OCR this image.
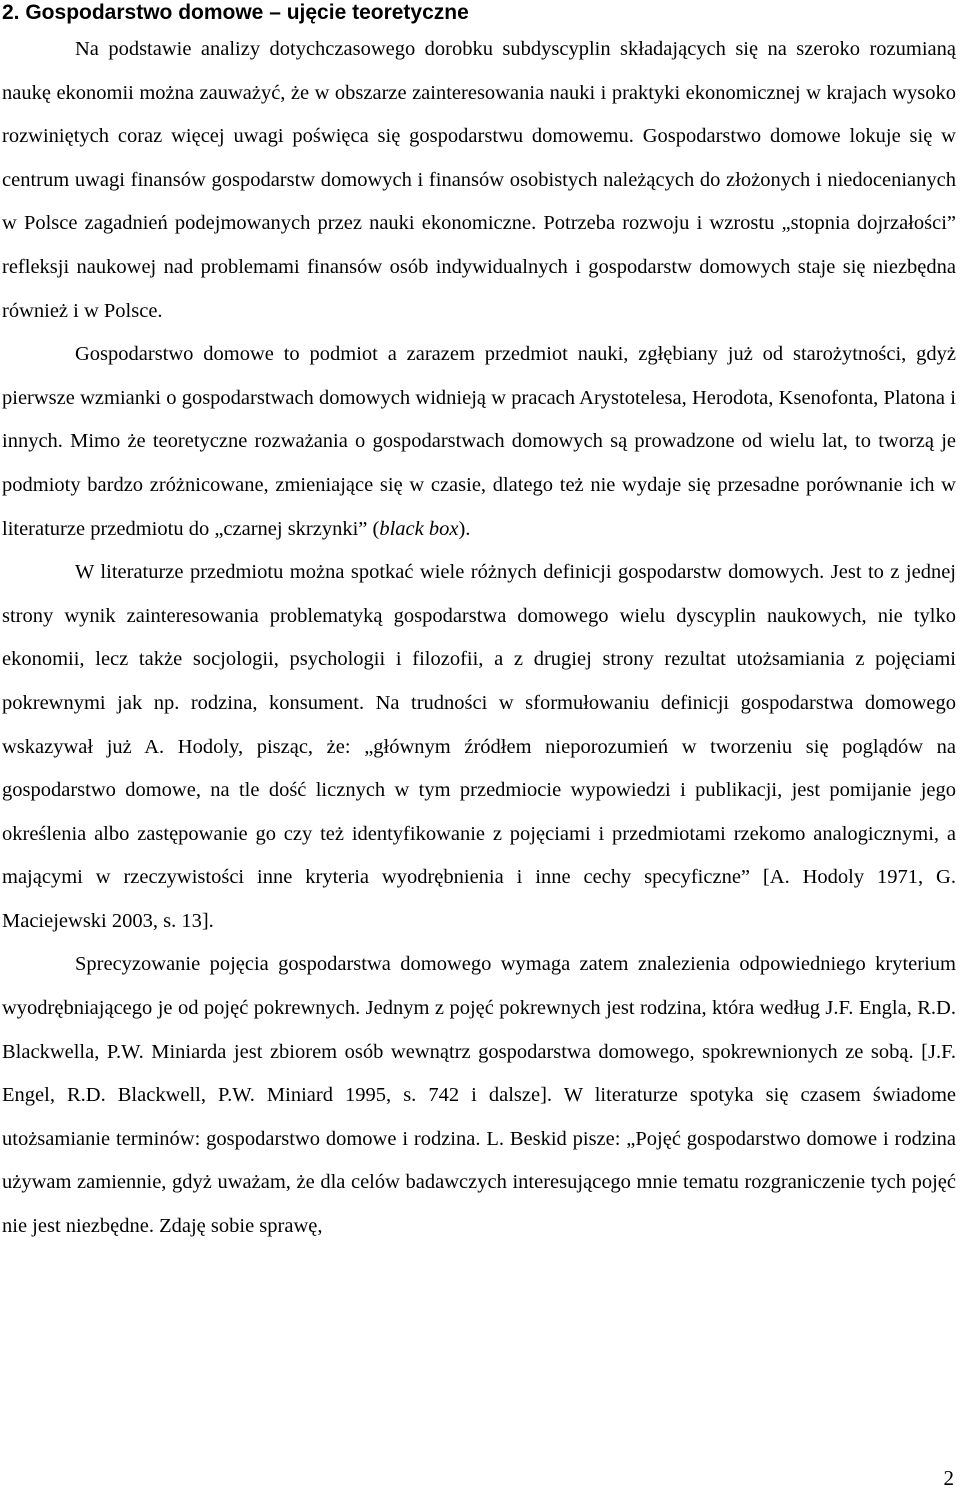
2. Gospodarstwo domowe – ujęcie teoretyczne

Na podstawie analizy dotychczasowego dorobku subdyscyplin składających się na szeroko rozumianą naukę ekonomii można zauważyć, że w obszarze zainteresowania nauki i praktyki ekonomicznej w krajach wysoko rozwiniętych coraz więcej uwagi poświęca się gospodarstwu domowemu. Gospodarstwo domowe lokuje się w centrum uwagi finansów gospodarstw domowych i finansów osobistych należących do złożonych i niedocenianych w Polsce zagadnień podejmowanych przez nauki ekonomiczne. Potrzeba rozwoju i wzrostu „stopnia dojrzałości” refleksji naukowej nad problemami finansów osób indywidualnych i gospodarstw domowych staje się niezbędna również i w Polsce.

Gospodarstwo domowe to podmiot a zarazem przedmiot nauki, zgłębiany już od starożytności, gdyż pierwsze wzmianki o gospodarstwach domowych widnieją w pracach Arystotelesa, Herodota, Ksenofonta, Platona i innych. Mimo że teoretyczne rozważania o gospodarstwach domowych są prowadzone od wielu lat, to tworzą je podmioty bardzo zróżnicowane, zmieniające się w czasie, dlatego też nie wydaje się przesadne porównanie ich w literaturze przedmiotu do „czarnej skrzynki” (black box).

W literaturze przedmiotu można spotkać wiele różnych definicji gospodarstw domowych. Jest to z jednej strony wynik zainteresowania problematyką gospodarstwa domowego wielu dyscyplin naukowych, nie tylko ekonomii, lecz także socjologii, psychologii i filozofii, a z drugiej strony rezultat utożsamiania z pojęciami pokrewnymi jak np. rodzina, konsument. Na trudności w sformułowaniu definicji gospodarstwa domowego wskazywał już A. Hodoly, pisząc, że: „głównym źródłem nieporozumień w tworzeniu się poglądów na gospodarstwo domowe, na tle dość licznych w tym przedmiocie wypowiedzi i publikacji, jest pomijanie jego określenia albo zastępowanie go czy też identyfikowanie z pojęciami i przedmiotami rzekomo analogicznymi, a mającymi w rzeczywistości inne kryteria wyodrębnienia i inne cechy specyficzne” [A. Hodoly 1971, G. Maciejewski 2003, s. 13].

Sprecyzowanie pojęcia gospodarstwa domowego wymaga zatem znalezienia odpowiedniego kryterium wyodrębniającego je od pojęć pokrewnych. Jednym z pojęć pokrewnych jest rodzina, która według J.F. Engla, R.D. Blackwella, P.W. Miniarda jest zbiorem osób wewnątrz gospodarstwa domowego, spokrewnionych ze sobą. [J.F. Engel, R.D. Blackwell, P.W. Miniard 1995, s. 742 i dalsze]. W literaturze spotyka się czasem świadome utożsamianie terminów: gospodarstwo domowe i rodzina. L. Beskid pisze: „Pojęć gospodarstwo domowe i rodzina używam zamiennie, gdyż uważam, że dla celów badawczych interesującego mnie tematu rozgraniczenie tych pojęć nie jest niezbędne. Zdaję sobie sprawę,

2
